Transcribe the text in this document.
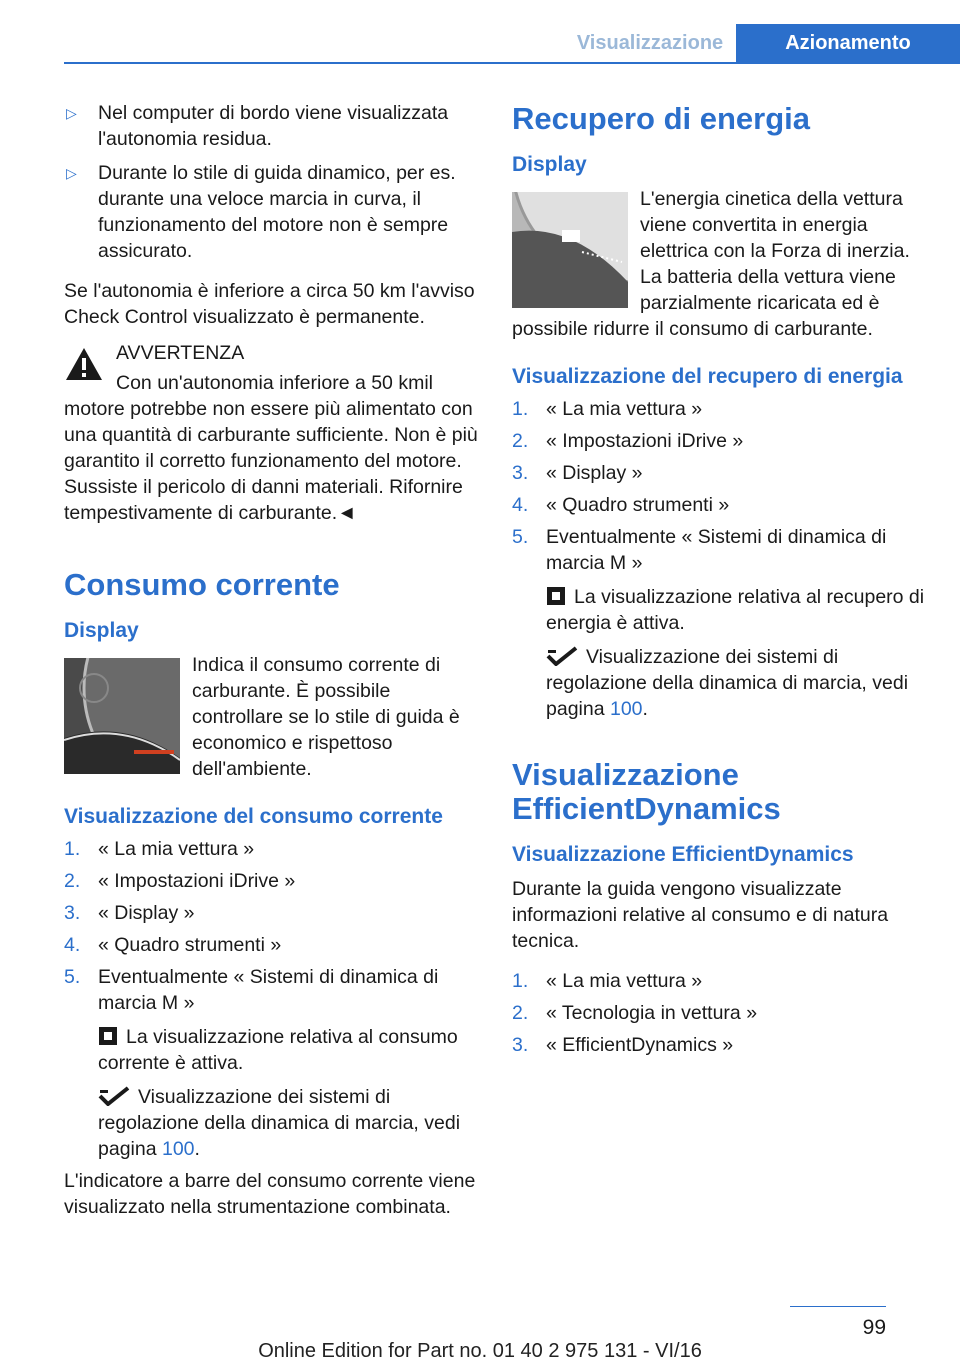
Visualizzazione	Azionamento
▷ Nel computer di bordo viene visualizzata l'autonomia residua.
▷ Durante lo stile di guida dinamico, per es. durante una veloce marcia in curva, il funzionamento del motore non è sempre assicurato.

Se l'autonomia è inferiore a circa 50 km l'avviso Check Control visualizzato è permanente.

AVVERTENZA
Con un'autonomia inferiore a 50 kmil motore potrebbe non essere più alimentato con una quantità di carburante sufficiente. Non è più garantito il corretto funzionamento del motore. Sussiste il pericolo di danni materiali. Rifornire tempestivamente di carburante.◄
Consumo corrente
Display
Indica il consumo corrente di carburante. È possibile controllare se lo stile di guida è economico e rispettoso dell'ambiente.
Visualizzazione del consumo corrente
1. « La mia vettura »
2. « Impostazioni iDrive »
3. « Display »
4. « Quadro strumenti »
5. Eventualmente « Sistemi di dinamica di marcia M »
La visualizzazione relativa al consumo corrente è attiva.
Visualizzazione dei sistemi di regolazione della dinamica di marcia, vedi pagina 100.

L'indicatore a barre del consumo corrente viene visualizzato nella strumentazione combinata.

Recupero di energia
Display
L'energia cinetica della vettura viene convertita in energia elettrica con la Forza di inerzia. La batteria della vettura viene parzialmente ricaricata ed è possibile ridurre il consumo di carburante.
Visualizzazione del recupero di energia
1. « La mia vettura »
2. « Impostazioni iDrive »
3. « Display »
4. « Quadro strumenti »
5. Eventualmente « Sistemi di dinamica di marcia M »
La visualizzazione relativa al recupero di energia è attiva.
Visualizzazione dei sistemi di regolazione della dinamica di marcia, vedi pagina 100.
Visualizzazione EfficientDynamics
Visualizzazione EfficientDynamics

Durante la guida vengono visualizzate informazioni relative al consumo e di natura tecnica.

1. « La mia vettura »
2. « Tecnologia in vettura »
3. « EfficientDynamics »
99
Online Edition for Part no. 01 40 2 975 131 - VI/16
